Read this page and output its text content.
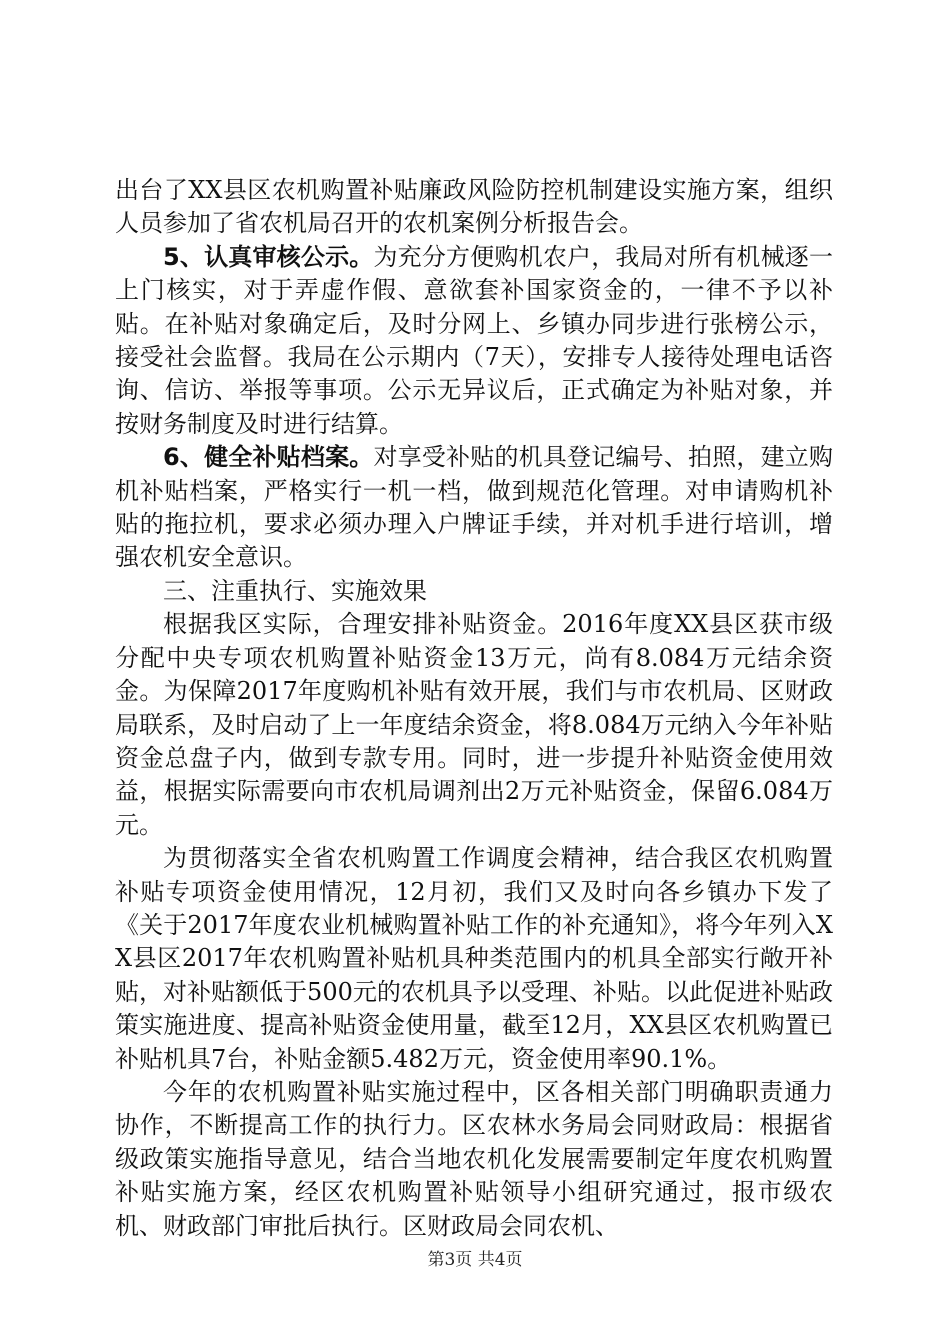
出台了XX县区农机购置补贴廉政风险防控机制建设实施方案，组织人员参加了省农机局召开的农机案例分析报告会。

5、认真审核公示。为充分方便购机农户，我局对所有机械逐一上门核实，对于弄虚作假、意欲套补国家资金的，一律不予以补贴。在补贴对象确定后，及时分网上、乡镇办同步进行张榜公示，接受社会监督。我局在公示期内（7天），安排专人接待处理电话咨询、信访、举报等事项。公示无异议后，正式确定为补贴对象，并按财务制度及时进行结算。

6、健全补贴档案。对享受补贴的机具登记编号、拍照，建立购机补贴档案，严格实行一机一档，做到规范化管理。对申请购机补贴的拖拉机，要求必须办理入户牌证手续，并对机手进行培训，增强农机安全意识。

三、注重执行、实施效果

根据我区实际，合理安排补贴资金。2016年度XX县区获市级分配中央专项农机购置补贴资金13万元，尚有8.084万元结余资金。为保障2017年度购机补贴有效开展，我们与市农机局、区财政局联系，及时启动了上一年度结余资金，将8.084万元纳入今年补贴资金总盘子内，做到专款专用。同时，进一步提升补贴资金使用效益，根据实际需要向市农机局调剂出2万元补贴资金，保留6.084万元。

为贯彻落实全省农机购置工作调度会精神，结合我区农机购置补贴专项资金使用情况，12月初，我们又及时向各乡镇办下发了《关于2017年度农业机械购置补贴工作的补充通知》，将今年列入XX县区2017年农机购置补贴机具种类范围内的机具全部实行敞开补贴，对补贴额低于500元的农机具予以受理、补贴。以此促进补贴政策实施进度、提高补贴资金使用量，截至12月，XX县区农机购置已补贴机具7台，补贴金额5.482万元，资金使用率90.1%。

今年的农机购置补贴实施过程中，区各相关部门明确职责通力协作，不断提高工作的执行力。区农林水务局会同财政局：根据省级政策实施指导意见，结合当地农机化发展需要制定年度农机购置补贴实施方案，经区农机购置补贴领导小组研究通过，报市级农机、财政部门审批后执行。区财政局会同农机、

第3页 共4页
